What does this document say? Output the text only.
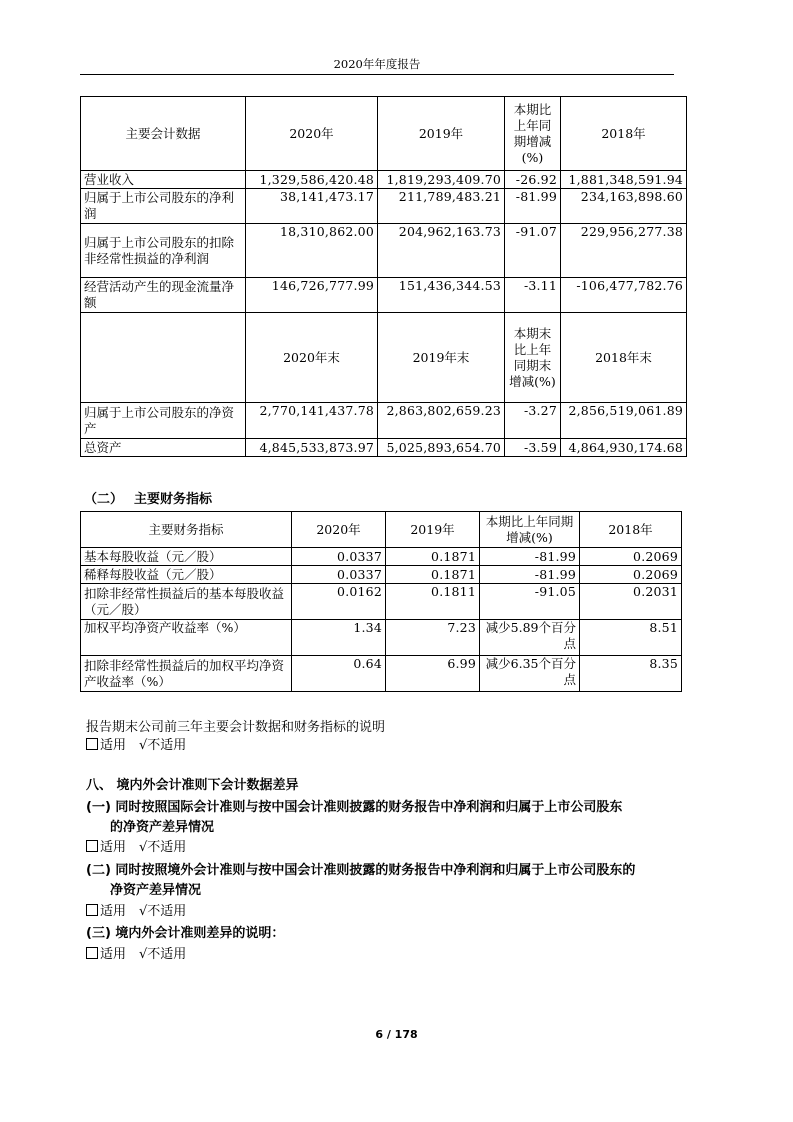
2020年年度报告
主要会计数据	2020年	2019年	本期比上年同期增减(%)	2018年
营业收入	1,329,586,420.48	1,819,293,409.70	-26.92	1,881,348,591.94
归属于上市公司股东的净利润	38,141,473.17	211,789,483.21	-81.99	234,163,898.60
归属于上市公司股东的扣除非经常性损益的净利润	18,310,862.00	204,962,163.73	-91.07	229,956,277.38
经营活动产生的现金流量净额	146,726,777.99	151,436,344.53	-3.11	-106,477,782.76
	2020年末	2019年末	本期末比上年同期末增减(%)	2018年末
归属于上市公司股东的净资产	2,770,141,437.78	2,863,802,659.23	-3.27	2,856,519,061.89
总资产	4,845,533,873.97	5,025,893,654.70	-3.59	4,864,930,174.68
（二）　 主要财务指标
主要财务指标	2020年	2019年	本期比上年同期增减(%)	2018年
基本每股收益（元／股）	0.0337	0.1871	-81.99	0.2069
稀释每股收益（元／股）	0.0337	0.1871	-81.99	0.2069
扣除非经常性损益后的基本每股收益（元／股）	0.0162	0.1811	-91.05	0.2031
加权平均净资产收益率（%）	1.34	7.23	减少5.89个百分点	8.51
扣除非经常性损益后的加权平均净资产收益率（%）	0.64	6.99	减少6.35个百分点	8.35
报告期末公司前三年主要会计数据和财务指标的说明
适用　√不适用
八、 境内外会计准则下会计数据差异
(一) 同时按照国际会计准则与按中国会计准则披露的财务报告中净利润和归属于上市公司股东
的净资产差异情况
适用　√不适用
(二) 同时按照境外会计准则与按中国会计准则披露的财务报告中净利润和归属于上市公司股东的
净资产差异情况
适用　√不适用
(三) 境内外会计准则差异的说明：
适用　√不适用
6 / 178
